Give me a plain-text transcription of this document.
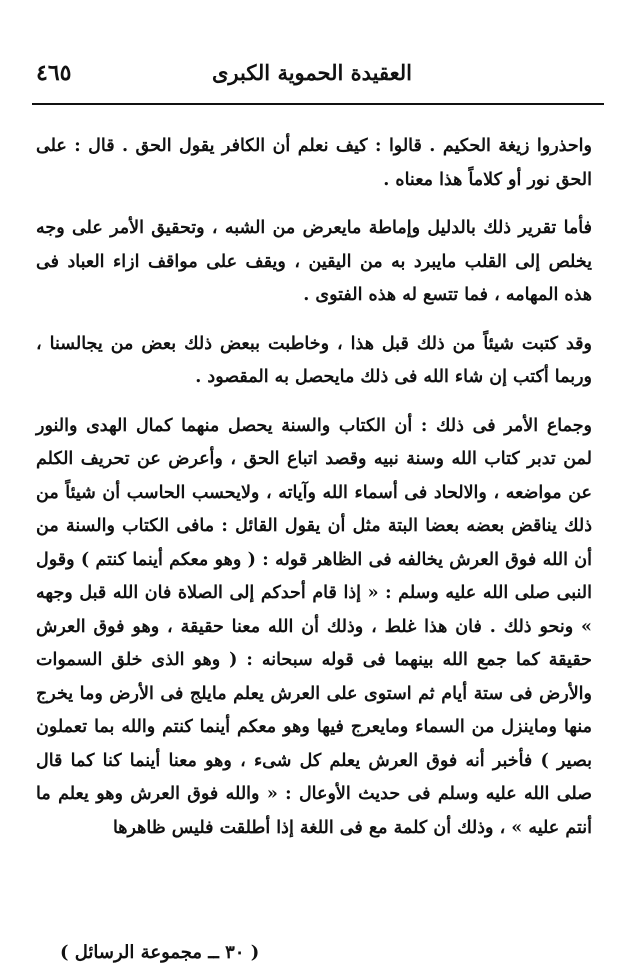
العقيدة الحموية الكبرى
٤٦٥

واحذروا زيغة الحكيم . قالوا : كيف نعلم أن الكافر يقول الحق . قال : على الحق نور أو كلاماً هذا معناه .

فأما تقرير ذلك بالدليل وإماطة مايعرض من الشبه ، وتحقيق الأمر على وجه يخلص إلى القلب مايبرد به من اليقين ، ويقف على مواقف ازاء العباد فى هذه المهامه ، فما تتسع له هذه الفتوى .

وقد كتبت شيئاً من ذلك قبل هذا ، وخاطبت ببعض ذلك بعض من يجالسنا ، وربما أكتب إن شاء الله فى ذلك مايحصل به المقصود .

وجماع الأمر فى ذلك : أن الكتاب والسنة يحصل منهما كمال الهدى والنور لمن تدبر كتاب الله وسنة نبيه وقصد اتباع الحق ، وأعرض عن تحريف الكلم عن مواضعه ، والالحاد فى أسماء الله وآياته ، ولايحسب الحاسب أن شيئاً من ذلك يناقض بعضه بعضا البتة مثل أن يقول القائل : مافى الكتاب والسنة من أن الله فوق العرش يخالفه فى الظاهر قوله : ( وهو معكم أينما كنتم ) وقول النبى صلى الله عليه وسلم : « إذا قام أحدكم إلى الصلاة فان الله قبل وجهه » ونحو ذلك . فان هذا غلط ، وذلك أن الله معنا حقيقة ، وهو فوق العرش حقيقة كما جمع الله بينهما فى قوله سبحانه : ( وهو الذى خلق السموات والأرض فى ستة أيام ثم استوى على العرش يعلم مايلج فى الأرض وما يخرج منها وماينزل من السماء ومايعرج فيها وهو معكم أينما كنتم والله بما تعملون بصير ) فأخبر أنه فوق العرش يعلم كل شىء ، وهو معنا أينما كنا كما قال صلى الله عليه وسلم فى حديث الأوعال : « والله فوق العرش وهو يعلم ما أنتم عليه » ، وذلك أن كلمة مع فى اللغة إذا أطلقت فليس ظاهرها

( ٣٠ ــ مجموعة الرسائل )
